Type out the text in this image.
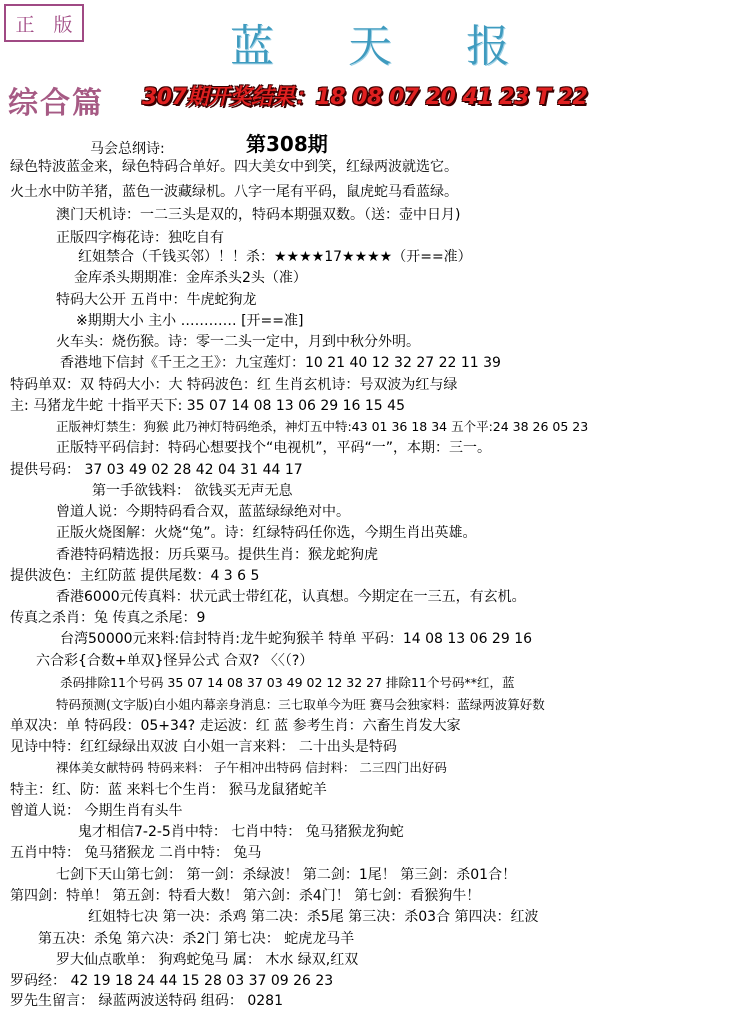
正 版	蓝 天 报
综合篇 307期开奖结果：18 08 07 20 41 23 T 22
第308期
马会总纲诗:
绿色特波蓝金来，绿色特码合单好。四大美女中到笑，红绿两波就选它。
火土水中防羊猪，蓝色一波藏绿机。八字一尾有平码，鼠虎蛇马看蓝绿。
澳门天机诗：一二三头是双的，特码本期强双数。（送：壶中日月)
正版四字梅花诗：独吃自有
红姐禁合（千钱买邻）！！杀：★★★★17★★★★（开==准）
金库杀头期期准：金库杀头2头（准）
特码大公开 五肖中：牛虎蛇狗龙
※期期大小 主小 ………… [开==准]
火车头：烧伤猴。诗：零一二头一定中，月到中秋分外明。
香港地下信封《千王之王》：九宝莲灯：10 21 40 12 32 27 22 11 39
特码单双：双 特码大小：大 特码波色：红 生肖玄机诗：号双波为红与绿
主: 马猪龙牛蛇 十指平天下: 35 07 14 08 13 06 29 16 15 45
正版神灯禁生：狗猴 此乃神灯特码绝杀，神灯五中特:43 01 36 18 34 五个平:24 38 26 05 23
正版特平码信封：特码心想要找个“电视机”，平码“一”，本期：三一。
提供号码： 37 03 49 02 28 42 04 31 44 17
第一手欲钱料： 欲钱买无声无息
曾道人说：今期特码看合双，蓝蓝绿绿绝对中。
正版火烧图解：火烧“兔”。诗：红绿特码任你选，今期生肖出英雄。
香港特码精选报：历兵粟马。提供生肖：猴龙蛇狗虎
提供波色：主红防蓝 提供尾数：4 3 6 5
香港6000元传真料：状元武士带红花，认真想。今期定在一三五，有玄机。
传真之杀肖：兔 传真之杀尾：9
台湾50000元来料:信封特肖:龙牛蛇狗猴羊 特单 平码：14 08 13 06 29 16
六合彩{合数+单双}怪异公式 合双? 〈〈（?）
杀码排除11个号码 35 07 14 08 37 03 49 02 12 32 27 排除11个号码**红，蓝
特码预测(文字版)白小姐内幕亲身消息：三七取单今为旺 赛马会独家料：蓝绿两波算好数
单双决：单 特码段：05+34? 走运波：红 蓝 参考生肖：六畜生肖发大家
见诗中特：红红绿绿出双波 白小姐一言来料： 二十出头是特码
裸体美女献特码 特码来料： 子午相冲出特码 信封料： 二三四门出好码
特主：红、防：蓝 来料七个生肖： 猴马龙鼠猪蛇羊
曾道人说： 今期生肖有头牛
鬼才相信7-2-5肖中特： 七肖中特： 兔马猪猴龙狗蛇
五肖中特： 兔马猪猴龙 二肖中特： 兔马
七剑下天山第七剑： 第一剑：杀绿波！ 第二剑：1尾！ 第三剑：杀01合！
第四剑：特单！ 第五剑：特看大数！ 第六剑：杀4门！ 第七剑：看猴狗牛！
红姐特七决 第一决：杀鸡 第二决：杀5尾 第三决：杀03合 第四决：红波
第五决：杀兔 第六决：杀2门 第七决： 蛇虎龙马羊
罗大仙点歌单： 狗鸡蛇兔马 属： 木水 绿双,红双
罗码经： 42 19 18 24 44 15 28 03 37 09 26 23
罗先生留言： 绿蓝两波送特码 组码： 0281
